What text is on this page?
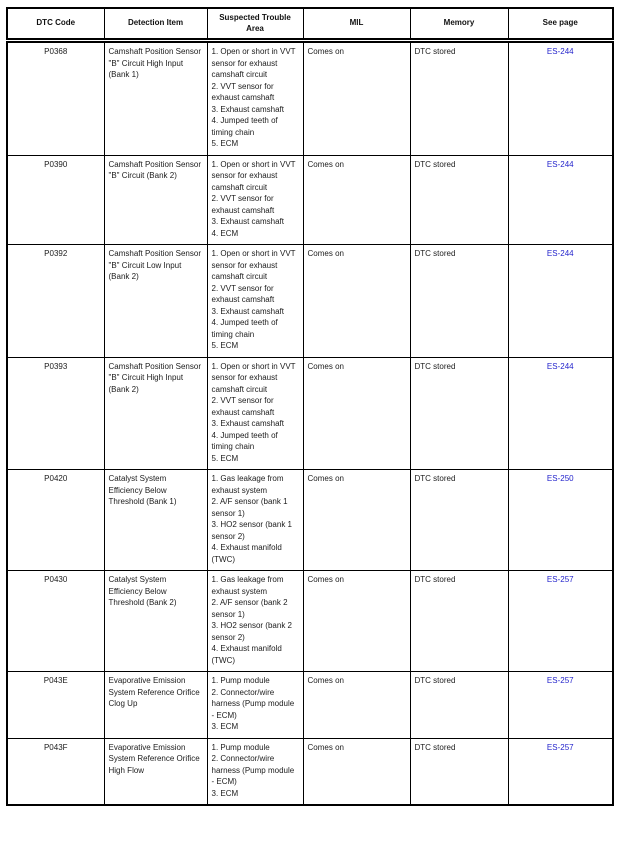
DTC Code	Detection Item	Suspected Trouble Area	MIL	Memory	See page
P0368	Camshaft Position Sensor "B" Circuit High Input (Bank 1)	1. Open or short in VVT sensor for exhaust camshaft circuit
2. VVT sensor for exhaust camshaft
3. Exhaust camshaft
4. Jumped teeth of timing chain
5. ECM	Comes on	DTC stored	ES-244
P0390	Camshaft Position Sensor "B" Circuit (Bank 2)	1. Open or short in VVT sensor for exhaust camshaft circuit
2. VVT sensor for exhaust camshaft
3. Exhaust camshaft
4. ECM	Comes on	DTC stored	ES-244
P0392	Camshaft Position Sensor "B" Circuit Low Input (Bank 2)	1. Open or short in VVT sensor for exhaust camshaft circuit
2. VVT sensor for exhaust camshaft
3. Exhaust camshaft
4. Jumped teeth of timing chain
5. ECM	Comes on	DTC stored	ES-244
P0393	Camshaft Position Sensor "B" Circuit High Input (Bank 2)	1. Open or short in VVT sensor for exhaust camshaft circuit
2. VVT sensor for exhaust camshaft
3. Exhaust camshaft
4. Jumped teeth of timing chain
5. ECM	Comes on	DTC stored	ES-244
P0420	Catalyst System Efficiency Below Threshold (Bank 1)	1. Gas leakage from exhaust system
2. A/F sensor (bank 1 sensor 1)
3. HO2 sensor (bank 1 sensor 2)
4. Exhaust manifold (TWC)	Comes on	DTC stored	ES-250
P0430	Catalyst System Efficiency Below Threshold (Bank 2)	1. Gas leakage from exhaust system
2. A/F sensor (bank 2 sensor 1)
3. HO2 sensor (bank 2 sensor 2)
4. Exhaust manifold (TWC)	Comes on	DTC stored	ES-257
P043E	Evaporative Emission System Reference Orifice Clog Up	1. Pump module
2. Connector/wire harness (Pump module - ECM)
3. ECM	Comes on	DTC stored	ES-257
P043F	Evaporative Emission System Reference Orifice High Flow	1. Pump module
2. Connector/wire harness (Pump module - ECM)
3. ECM	Comes on	DTC stored	ES-257
